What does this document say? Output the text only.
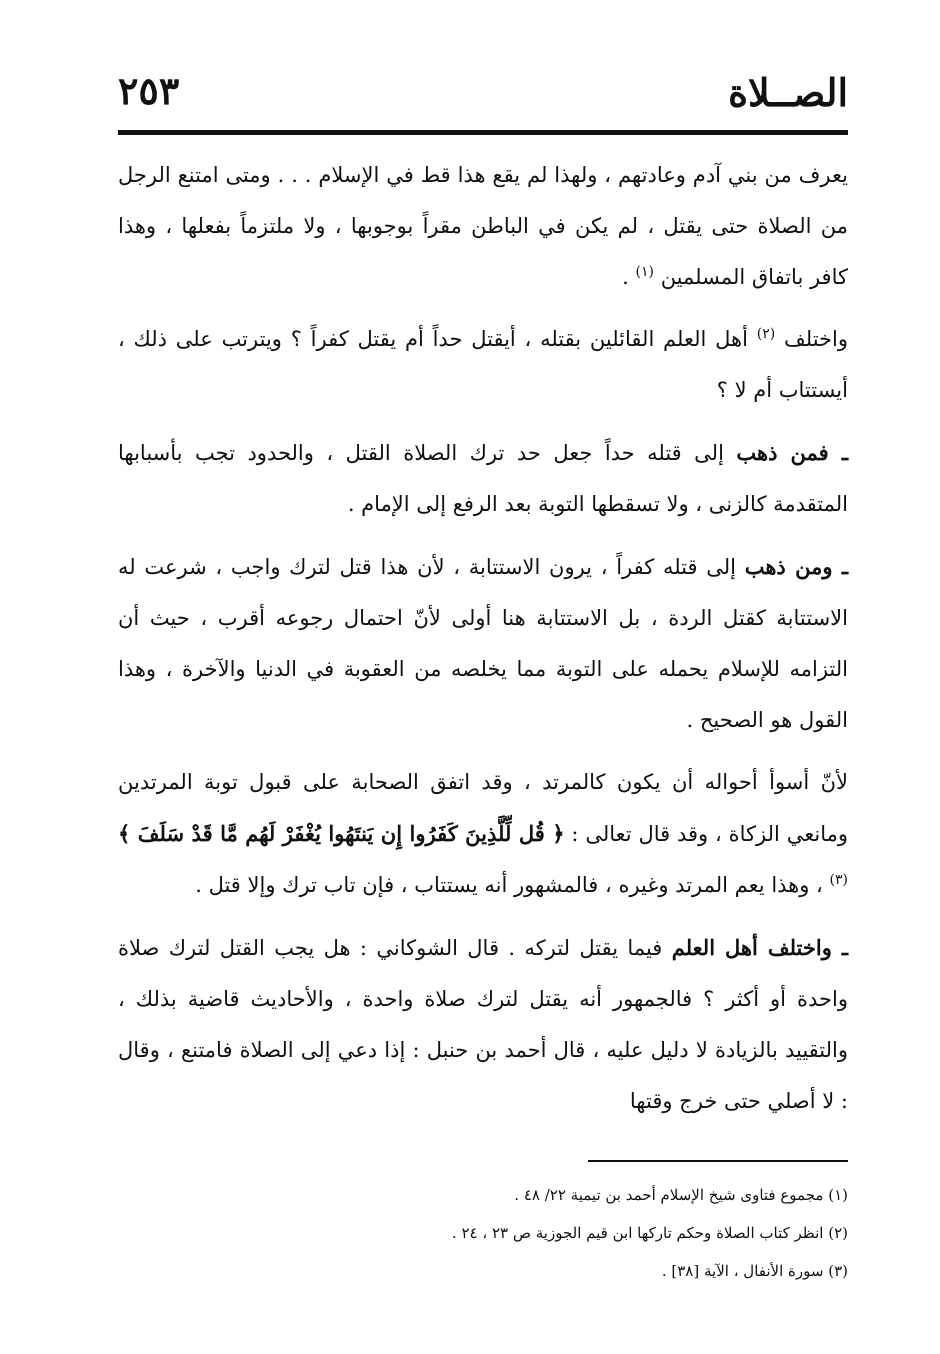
الصــلاة
٢٥٣

يعرف من بني آدم وعادتهم ، ولهذا لم يقع هذا قط في الإسلام . . . ومتى امتنع الرجل من الصلاة حتى يقتل ، لم يكن في الباطن مقراً بوجوبها ، ولا ملتزماً بفعلها ، وهذا كافر باتفاق المسلمين $^{(١)}$ .

واختلف $^{(٢)}$ أهل العلم القائلين بقتله ، أيقتل حداً أم يقتل كفراً ؟ ويترتب على ذلك ، أيستتاب أم لا ؟

ـ فمن ذهب إلى قتله حداً جعل حد ترك الصلاة القتل ، والحدود تجب بأسبابها المتقدمة كالزنى ، ولا تسقطها التوبة بعد الرفع إلى الإمام .

ـ ومن ذهب إلى قتله كفراً ، يرون الاستتابة ، لأن هذا قتل لترك واجب ، شرعت له الاستتابة كقتل الردة ، بل الاستتابة هنا أولى لأنّ احتمال رجوعه أقرب ، حيث أن التزامه للإسلام يحمله على التوبة مما يخلصه من العقوبة في الدنيا والآخرة ، وهذا القول هو الصحيح .

لأنّ أسوأ أحواله أن يكون كالمرتد ، وقد اتفق الصحابة على قبول توبة المرتدين ومانعي الزكاة ، وقد قال تعالى : ﴿ قُل لِّلَّذِينَ كَفَرُوا إِن يَنتَهُوا يُغْفَرْ لَهُم مَّا قَدْ سَلَفَ ﴾ $^{(٣)}$ ، وهذا يعم المرتد وغيره ، فالمشهور أنه يستتاب ، فإن تاب ترك وإلا قتل .

ـ واختلف أهل العلم فيما يقتل لتركه . قال الشوكاني : هل يجب القتل لترك صلاة واحدة أو أكثر ؟ فالجمهور أنه يقتل لترك صلاة واحدة ، والأحاديث قاضية بذلك ، والتقييد بالزيادة لا دليل عليه ، قال أحمد بن حنبل : إذا دعي إلى الصلاة فامتنع ، وقال : لا أصلي حتى خرج وقتها

(١) مجموع فتاوى شيخ الإسلام أحمد بن تيمية ٢٢/ ٤٨ .

(٢) انظر كتاب الصلاة وحكم تاركها ابن قيم الجوزية ص ٢٣ ، ٢٤ .

(٣) سورة الأنفال ، الآية [٣٨] .
